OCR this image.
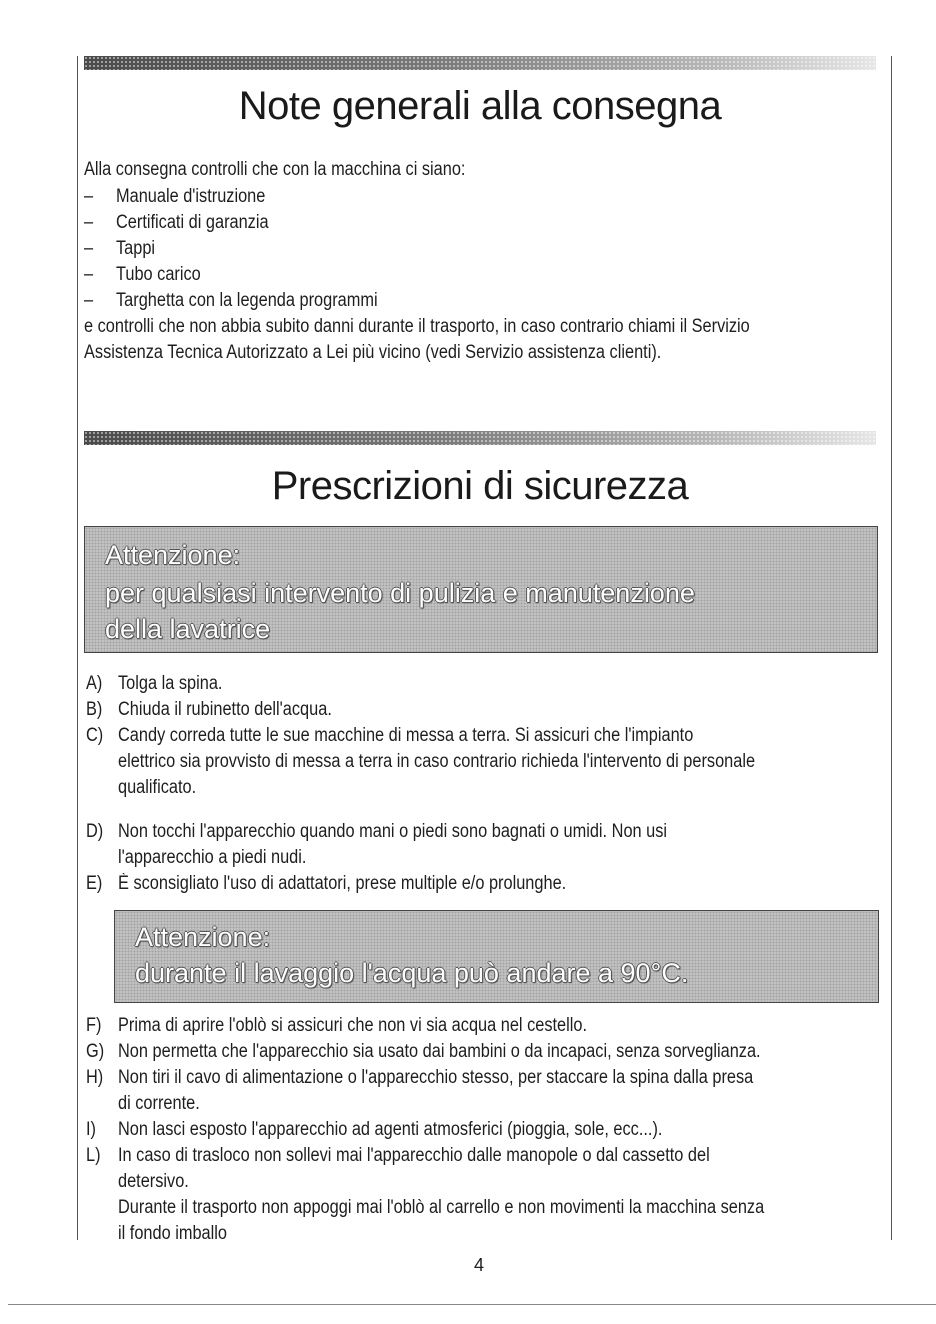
Note generali alla consegna

Alla consegna controlli che con la macchina ci siano:

– Manuale d'istruzione

– Certificati di garanzia

– Tappi

– Tubo carico

– Targhetta con la legenda programmi

e controlli che non abbia subito danni durante il trasporto, in caso contrario chiami il Servizio

Assistenza Tecnica Autorizzato a Lei più vicino (vedi Servizio assistenza clienti).

Prescrizioni di sicurezza

Attenzione:

per qualsiasi intervento di pulizia e manutenzione

della lavatrice

A) Tolga la spina.

B) Chiuda il rubinetto dell'acqua.

C) Candy correda tutte le sue macchine di messa a terra. Si assicuri che l'impianto

elettrico sia provvisto di messa a terra in caso contrario richieda l'intervento di personale

qualificato.

D) Non tocchi l'apparecchio quando mani o piedi sono bagnati o umidi. Non usi

l'apparecchio a piedi nudi.

E) È sconsigliato l'uso di adattatori, prese multiple e/o prolunghe.

Attenzione:

durante il lavaggio l'acqua può andare a 90°C.

F) Prima di aprire l'oblò si assicuri che non vi sia acqua nel cestello.

G) Non permetta che l'apparecchio sia usato dai bambini o da incapaci, senza sorveglianza.

H) Non tiri il cavo di alimentazione o l'apparecchio stesso, per staccare la spina dalla presa

di corrente.

I) Non lasci esposto l'apparecchio ad agenti atmosferici (pioggia, sole, ecc...).

L) In caso di trasloco non sollevi mai l'apparecchio dalle manopole o dal cassetto del

detersivo.

Durante il trasporto non appoggi mai l'oblò al carrello e non movimenti la macchina senza

il fondo imballo

4
